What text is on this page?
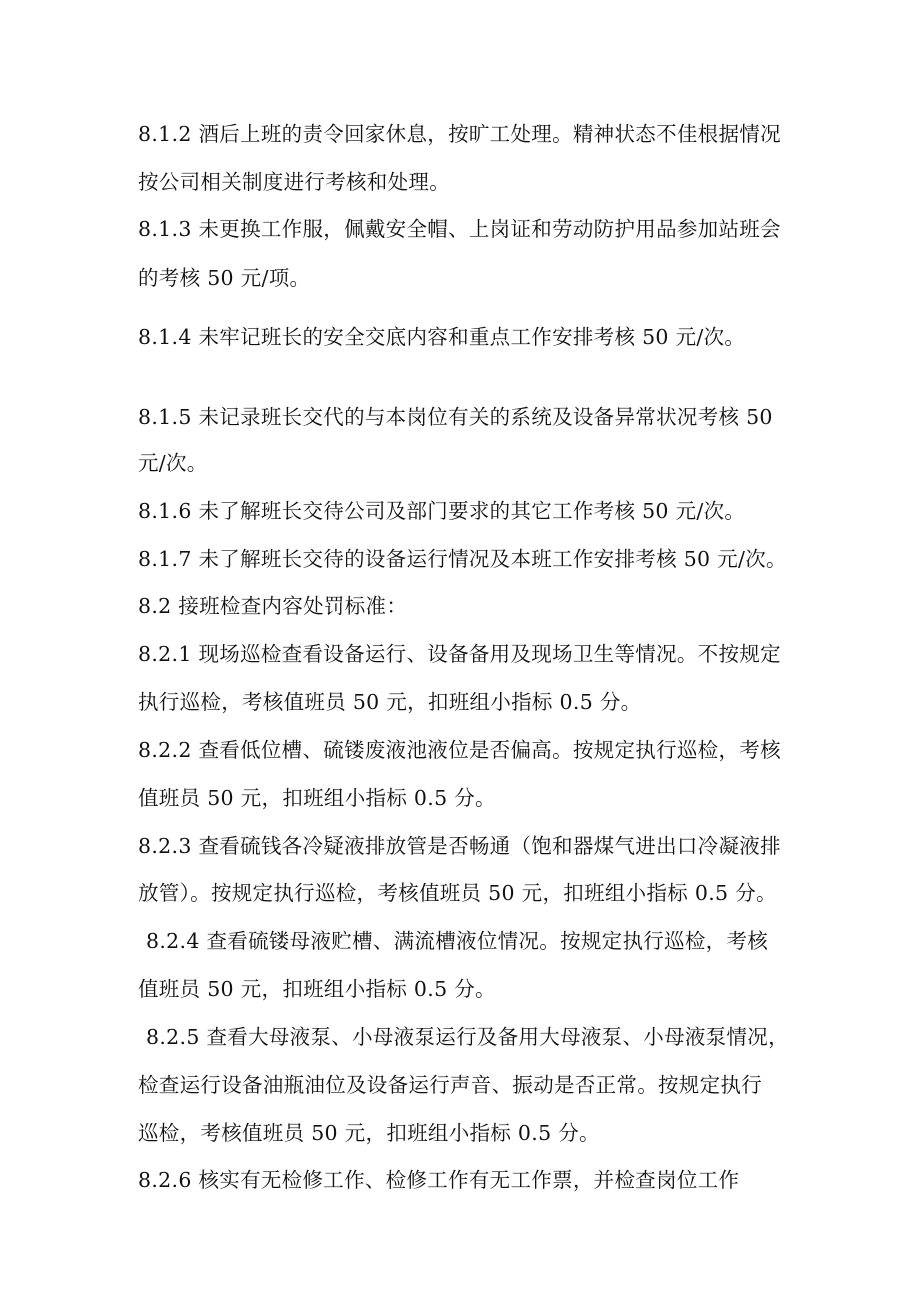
8.1.2 酒后上班的责令回家休息，按旷工处理。精神状态不佳根据情况
按公司相关制度进行考核和处理。
8.1.3 未更换工作服，佩戴安全帽、上岗证和劳动防护用品参加站班会
的考核 50 元/项。
8.1.4 未牢记班长的安全交底内容和重点工作安排考核 50 元/次。
8.1.5 未记录班长交代的与本岗位有关的系统及设备异常状况考核 50
元/次。
8.1.6 未了解班长交待公司及部门要求的其它工作考核 50 元/次。
8.1.7 未了解班长交待的设备运行情况及本班工作安排考核 50 元/次。
8.2 接班检查内容处罚标准：
8.2.1 现场巡检查看设备运行、设备备用及现场卫生等情况。不按规定
执行巡检，考核值班员 50 元，扣班组小指标 0.5 分。
8.2.2 查看低位槽、硫镂废液池液位是否偏高。按规定执行巡检，考核
值班员 50 元，扣班组小指标 0.5 分。
8.2.3 查看硫钱各冷疑液排放管是否畅通（饱和器煤气进出口冷凝液排
放管）。按规定执行巡检，考核值班员 50 元，扣班组小指标 0.5 分。
8.2.4 查看硫镂母液贮槽、满流槽液位情况。按规定执行巡检，考核
值班员 50 元，扣班组小指标 0.5 分。
8.2.5 查看大母液泵、小母液泵运行及备用大母液泵、小母液泵情况，
检查运行设备油瓶油位及设备运行声音、振动是否正常。按规定执行
巡检，考核值班员 50 元，扣班组小指标 0.5 分。
8.2.6 核实有无检修工作、检修工作有无工作票，并检查岗位工作
